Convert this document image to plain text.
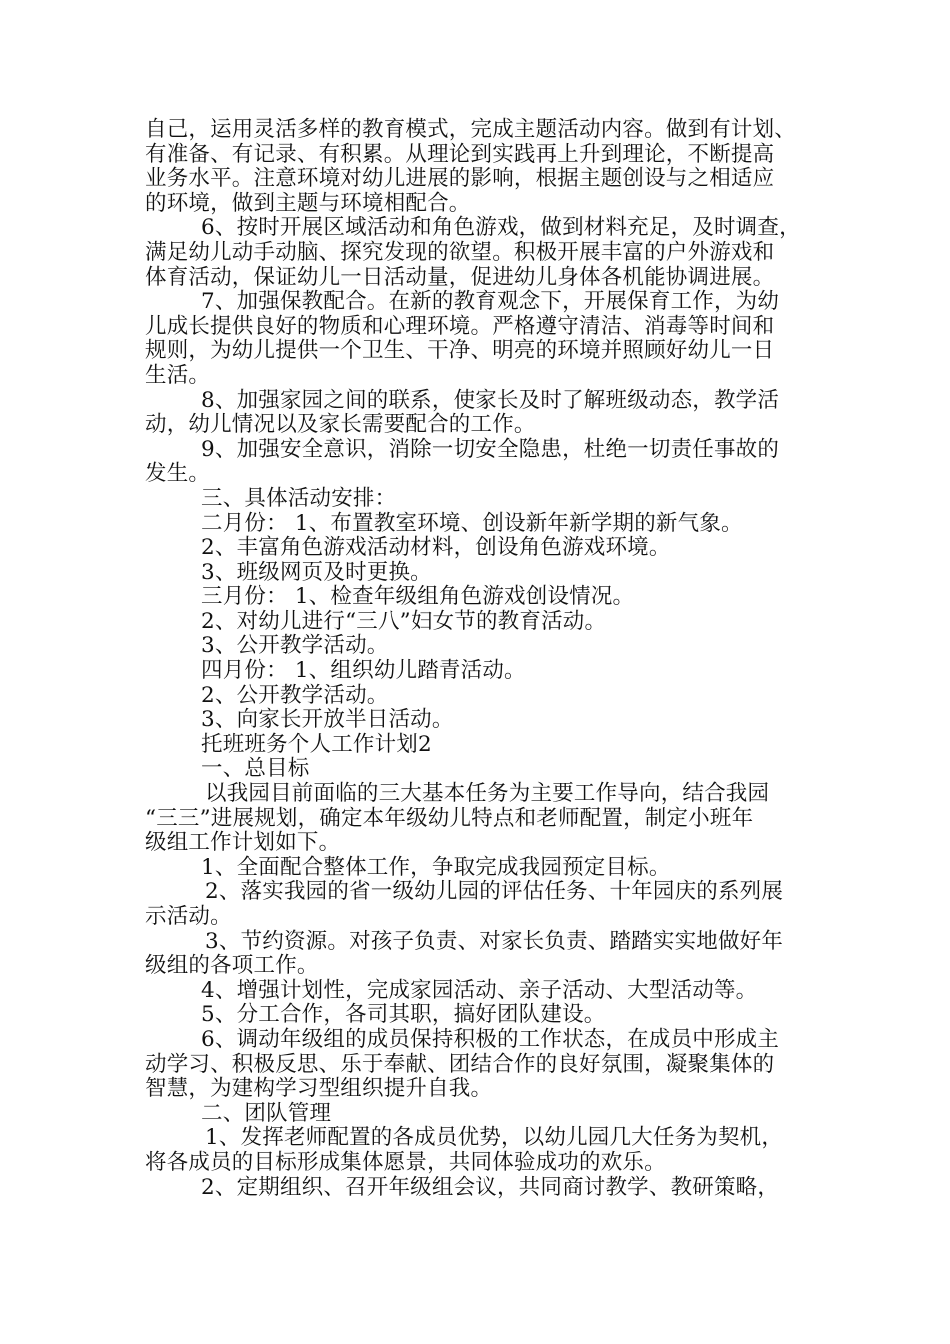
自己，运用灵活多样的教育模式，完成主题活动内容。做到有计划、
有准备、有记录、有积累。从理论到实践再上升到理论，不断提高
业务水平。注意环境对幼儿进展的影响，根据主题创设与之相适应
的环境，做到主题与环境相配合。
6、按时开展区域活动和角色游戏，做到材料充足，及时调查，
满足幼儿动手动脑、探究发现的欲望。积极开展丰富的户外游戏和
体育活动，保证幼儿一日活动量，促进幼儿身体各机能协调进展。
7、加强保教配合。在新的教育观念下，开展保育工作，为幼
儿成长提供良好的物质和心理环境。严格遵守清洁、消毒等时间和
规则，为幼儿提供一个卫生、干净、明亮的环境并照顾好幼儿一日
生活。
8、加强家园之间的联系，使家长及时了解班级动态，教学活
动，幼儿情况以及家长需要配合的工作。
9、加强安全意识，消除一切安全隐患，杜绝一切责任事故的
发生。
三、具体活动安排：
二月份： 1、布置教室环境、创设新年新学期的新气象。
2、丰富角色游戏活动材料，创设角色游戏环境。
3、班级网页及时更换。
三月份： 1、检查年级组角色游戏创设情况。
2、对幼儿进行“三八”妇女节的教育活动。
3、公开教学活动。
四月份： 1、组织幼儿踏青活动。
2、公开教学活动。
3、向家长开放半日活动。
托班班务个人工作计划2
一、总目标
以我园目前面临的三大基本任务为主要工作导向，结合我园
“三三”进展规划，确定本年级幼儿特点和老师配置，制定小班年
级组工作计划如下。
1、全面配合整体工作，争取完成我园预定目标。
2、落实我园的省一级幼儿园的评估任务、十年园庆的系列展
示活动。
3、节约资源。对孩子负责、对家长负责、踏踏实实地做好年
级组的各项工作。
4、增强计划性，完成家园活动、亲子活动、大型活动等。
5、分工合作，各司其职，搞好团队建设。
6、调动年级组的成员保持积极的工作状态，在成员中形成主
动学习、积极反思、乐于奉献、团结合作的良好氛围，凝聚集体的
智慧，为建构学习型组织提升自我。
二、团队管理
1、发挥老师配置的各成员优势，以幼儿园几大任务为契机，
将各成员的目标形成集体愿景，共同体验成功的欢乐。
2、定期组织、召开年级组会议，共同商讨教学、教研策略，
